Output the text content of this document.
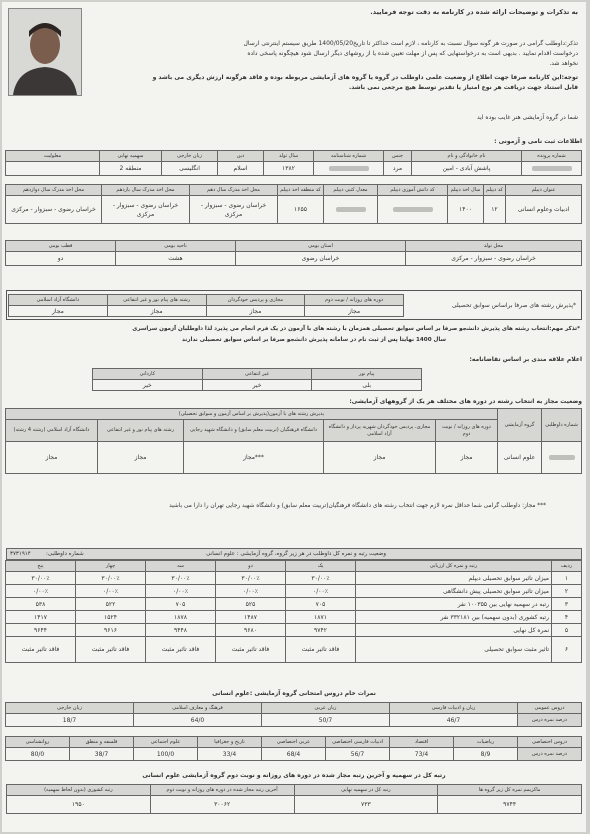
به تذکرات و توضیحات ارائه شده در کارنامه به دقت توجه فرمایید.
تذکر:داوطلب گرامی در صورت هر گونه سوال نسبت به کارنامه ، لازم است حداکثر تا تاریخ1400/05/20 طریق سیستم اینترنتی ارسال
درخواست اقدام نمایید . بدیهی است به درخواستهایی که پس از مهلت تعیین شده یا از روشهای دیگر ارسال شود هیچگونه پاسخی داده
نخواهد شد.
توجه:این کارنامه صرفا جهت اطلاع از وضعیت علمی داوطلب در گروه یا گروه های آزمایشی مربوطه بوده و فاقد هرگونه ارزش دیگری می باشد و
قابل استناد جهت دریافت هر نوع امتیاز یا تقدیر توسط هیچ مرجعی نمی باشد.
شما در گروه آزمایشی هنر غایب بوده اید
اطلاعات ثبت نامی و آزمونی :
شماره پرونده	نام خانوادگی و نام	جنس	شماره شناسنامه	سال تولد	دین	زبان خارجی	سهمیه نهایی	معلولیت
	پاشش آبادی - امین	مرد		۱۳۸۲	اسلام	انگلیسی	منطقه 2	
عنوان دیپلم	کد دیپلم	سال اخذ دیپلم	کد دانش آموزی دیپلم	معدل کتبی دیپلم	کد منطقه اخذ دیپلم	محل اخذ مدرک سال دهم	محل اخذ مدرک سال یازدهم	محل اخذ مدرک سال دوازدهم
ادبیات وعلوم انسانی	۱۲	۱۴۰۰			۱۶۵۵	خراسان رضوی - سبزوار - مرکزی	خراسان رضوی - سبزوار - مرکزی	خراسان رضوی - سبزوار - مرکزی
محل تولد	استان بومی	ناحیه بومی	قطب بومی
خراسان رضوی - سبزوار - مرکزی	خراسان رضوی	هشت	دو
*پذیرش رشته های صرفا براساس سوابق تحصیلی
دوره های روزانه / نوبت دوم	مجازی و پردیس خودگردان	رشته های پیام نور و غیر انتفاعی	دانشگاه آزاد اسلامی
مجاز	مجاز	مجاز	مجاز
*تذکر مهم:انتخاب رشته های پذیرش دانشجو صرفا بر اساس سوابق تحصیلی همزمان با رشته های با آزمون در یک فرم انجام می پذیرد لذا داوطلبان آزمون سراسری
سال 1400 نهایتا پس از ثبت نام در سامانه پذیرش دانشجو صرفا بر اساس سوابق تحصیلی ندارند
اعلام علاقه مندی بر اساس تقاضانامه:
پیام نور	غیر انتفاعی	کاردانی
بلی	خیر	خیر
وضعیت مجاز به انتخاب رشته در دوره های مختلف هر یک از گروههای آزمایشی:
شماره داوطلبی	گروه آزمایشی	پذیرش رشته های با آزمون(پذیرش بر اساس آزمون و سوابق تحصیلی)				
		دوره های روزانه / نوبت دوم	مجازی، پردیس خودگردان شهریه پرداز و دانشگاه آزاد اسلامی	دانشگاه فرهنگیان (تربیت معلم سابق) و دانشگاه شهید رجایی	رشته های پیام نور و غیر انتفاعی	دانشگاه آزاد اسلامی (رشته 4 رشته)
	علوم انسانی	مجاز	مجاز	***مجاز	مجاز	مجاز
*** مجاز: داوطلب گرامی شما حداقل نمره لازم جهت انتخاب رشته های دانشگاه فرهنگیان(تربیت معلم سابق) و دانشگاه شهید رجایی تهران را دارا می باشید
وضعیت رتبه و نمره کل داوطلب در هر زیر گروه، گروه آزمایشی : علوم انسانی
شماره داوطلبی:
۳۷۳۱۹۱۴
ردیف	رتبه و نمره کل ارزیابی	یک	دو	سه	چهار	پنج
۱	میزان تاثیر سوابق تحصیلی دیپلم	۳۰/۰۰٪	۳۰/۰۰٪	۳۰/۰۰٪	۳۰/۰۰٪	۳۰/۰۰٪
۲	میزان تاثیر سوابق تحصیلی پیش دانشگاهی	۰/۰۰٪	۰/۰۰٪	۰/۰۰٪	۰/۰۰٪	۰/۰۰٪
۳	رتبه در سهمیه نهایی بین ۱۰۰۳۵۵ نفر	۷۰۵	۵۲۵	۷۰۵	۵۲۲	۵۳۸
۴	رتبه کشوری (بدون سهمیه) بین ۳۳۲۱۸۱ نفر	۱۸۷۱	۱۴۸۷	۱۸۷۸	۱۵۲۴	۱۴۱۷
۵	نمره کل نهایی	۹۷۴۲	۹۶۸۰	۹۴۴۸	۹۶۱۶	۹۶۴۴
۶	تاثیر مثبت سوابق تحصیلی	فاقد تاثیر مثبت	فاقد تاثیر مثبت	فاقد تاثیر مثبت	فاقد تاثیر مثبت	فاقد تاثیر مثبت
نمرات خام دروس امتحانی گروه آزمایشی :علوم انسانی
دروس عمومی	زبان و ادبیات فارسی	زبان عربی	فرهنگ و معارف اسلامی	زبان خارجی
درصد نمره درس	46/7	50/7	64/0	18/7
دروس اختصاصی	ریاضیات	اقتصاد	ادبیات فارسی اختصاصی	عربی اختصاصی	تاریخ و جغرافیا	علوم اجتماعی	فلسفه و منطق	روانشناسی
درصد نمره درس	8/9	73/4	56/7	68/4	33/4	100/0	38/7	80/0
رتبه کل در سهمیه و آخرین رتبه مجاز شده در دوره های روزانه و نوبت دوم گروه آزمایشی علوم انسانی
ماکزیمم نمره کل زیر گروه ها	رتبه کل در سهمیه نهایی	آخرین رتبه مجاز شده در دوره های روزانه و نوبت دوم	رتبه کشوری (بدون لحاظ سهمیه)
۹۷۴۴	۷۳۳	۳۰۰۶۲	۱۹۵۰
